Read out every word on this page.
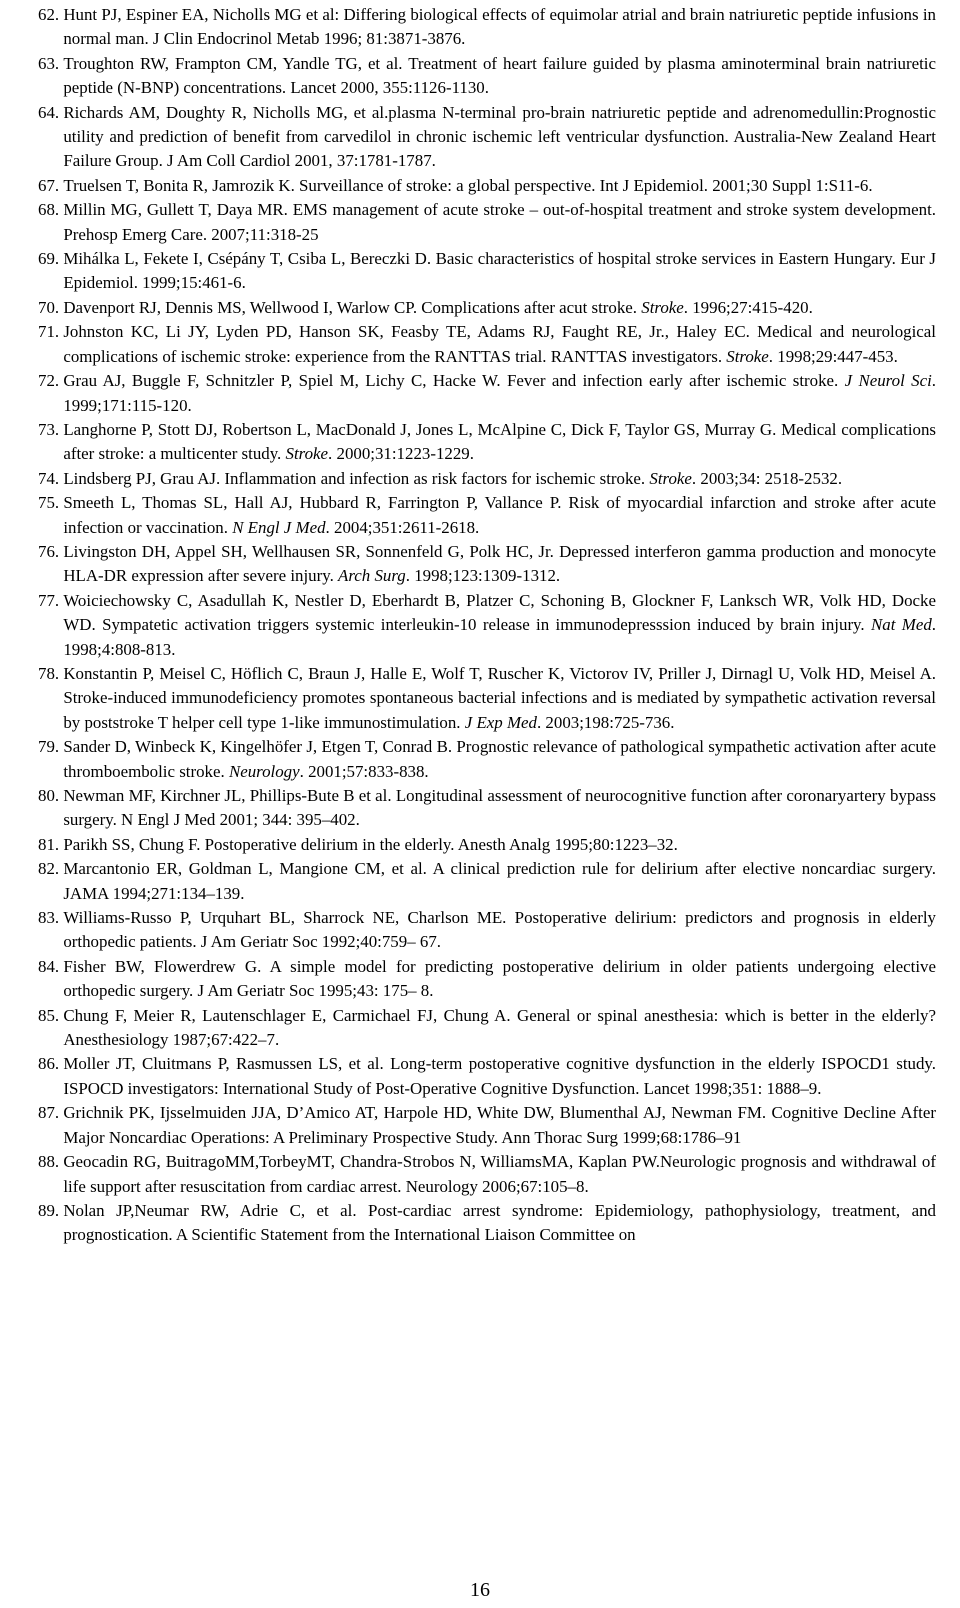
62. Hunt PJ, Espiner EA, Nicholls MG et al: Differing biological effects of equimolar atrial and brain natriuretic peptide infusions in normal man. J Clin Endocrinol Metab 1996; 81:3871-3876.
63. Troughton RW, Frampton CM, Yandle TG, et al. Treatment of heart failure guided by plasma aminoterminal brain natriuretic peptide (N-BNP) concentrations. Lancet 2000, 355:1126-1130.
64. Richards AM, Doughty R, Nicholls MG, et al.plasma N-terminal pro-brain natriuretic peptide and adrenomedullin:Prognostic utility and prediction of benefit from carvedilol in chronic ischemic left ventricular dysfunction. Australia-New Zealand Heart Failure Group. J Am Coll Cardiol 2001, 37:1781-1787.
67. Truelsen T, Bonita R, Jamrozik K. Surveillance of stroke: a global perspective. Int J Epidemiol. 2001;30 Suppl 1:S11-6.
68. Millin MG, Gullett T, Daya MR. EMS management of acute stroke – out-of-hospital treatment and stroke system development. Prehosp Emerg Care. 2007;11:318-25
69. Mihálka L, Fekete I, Csépány T, Csiba L, Bereczki D. Basic characteristics of hospital stroke services in Eastern Hungary. Eur J Epidemiol. 1999;15:461-6.
70. Davenport RJ, Dennis MS, Wellwood I, Warlow CP. Complications after acut stroke. Stroke. 1996;27:415-420.
71. Johnston KC, Li JY, Lyden PD, Hanson SK, Feasby TE, Adams RJ, Faught RE, Jr., Haley EC. Medical and neurological complications of ischemic stroke: experience from the RANTTAS trial. RANTTAS investigators. Stroke. 1998;29:447-453.
72. Grau AJ, Buggle F, Schnitzler P, Spiel M, Lichy C, Hacke W. Fever and infection early after ischemic stroke. J Neurol Sci. 1999;171:115-120.
73. Langhorne P, Stott DJ, Robertson L, MacDonald J, Jones L, McAlpine C, Dick F, Taylor GS, Murray G. Medical complications after stroke: a multicenter study. Stroke. 2000;31:1223-1229.
74. Lindsberg PJ, Grau AJ. Inflammation and infection as risk factors for ischemic stroke. Stroke. 2003;34: 2518-2532.
75. Smeeth L, Thomas SL, Hall AJ, Hubbard R, Farrington P, Vallance P. Risk of myocardial infarction and stroke after acute infection or vaccination. N Engl J Med. 2004;351:2611-2618.
76. Livingston DH, Appel SH, Wellhausen SR, Sonnenfeld G, Polk HC, Jr. Depressed interferon gamma production and monocyte HLA-DR expression after severe injury. Arch Surg. 1998;123:1309-1312.
77. Woiciechowsky C, Asadullah K, Nestler D, Eberhardt B, Platzer C, Schoning B, Glockner F, Lanksch WR, Volk HD, Docke WD. Sympatetic activation triggers systemic interleukin-10 release in immunodepresssion induced by brain injury. Nat Med. 1998;4:808-813.
78. Konstantin P, Meisel C, Höflich C, Braun J, Halle E, Wolf T, Ruscher K, Victorov IV, Priller J, Dirnagl U, Volk HD, Meisel A. Stroke-induced immunodeficiency promotes spontaneous bacterial infections and is mediated by sympathetic activation reversal by poststroke T helper cell type 1-like immunostimulation. J Exp Med. 2003;198:725-736.
79. Sander D, Winbeck K, Kingelhöfer J, Etgen T, Conrad B. Prognostic relevance of pathological sympathetic activation after acute thromboembolic stroke. Neurology. 2001;57:833-838.
80. Newman MF, Kirchner JL, Phillips-Bute B et al. Longitudinal assessment of neurocognitive function after coronaryartery bypass surgery. N Engl J Med 2001; 344: 395–402.
81. Parikh SS, Chung F. Postoperative delirium in the elderly. Anesth Analg 1995;80:1223–32.
82. Marcantonio ER, Goldman L, Mangione CM, et al. A clinical prediction rule for delirium after elective noncardiac surgery. JAMA 1994;271:134–139.
83. Williams-Russo P, Urquhart BL, Sharrock NE, Charlson ME. Postoperative delirium: predictors and prognosis in elderly orthopedic patients. J Am Geriatr Soc 1992;40:759– 67.
84. Fisher BW, Flowerdrew G. A simple model for predicting postoperative delirium in older patients undergoing elective orthopedic surgery. J Am Geriatr Soc 1995;43: 175– 8.
85. Chung F, Meier R, Lautenschlager E, Carmichael FJ, Chung A. General or spinal anesthesia: which is better in the elderly? Anesthesiology 1987;67:422–7.
86. Moller JT, Cluitmans P, Rasmussen LS, et al. Long-term postoperative cognitive dysfunction in the elderly ISPOCD1 study. ISPOCD investigators: International Study of Post-Operative Cognitive Dysfunction. Lancet 1998;351: 1888–9.
87. Grichnik PK, Ijsselmuiden JJA, D’Amico AT, Harpole HD, White DW, Blumenthal AJ, Newman FM. Cognitive Decline After Major Noncardiac Operations: A Preliminary Prospective Study. Ann Thorac Surg 1999;68:1786–91
88. Geocadin RG, BuitragoMM,TorbeyMT, Chandra-Strobos N, WilliamsMA, Kaplan PW.Neurologic prognosis and withdrawal of life support after resuscitation from cardiac arrest. Neurology 2006;67:105–8.
89. Nolan JP,Neumar RW, Adrie C, et al. Post-cardiac arrest syndrome: Epidemiology, pathophysiology, treatment, and prognostication. A Scientific Statement from the International Liaison Committee on
16
